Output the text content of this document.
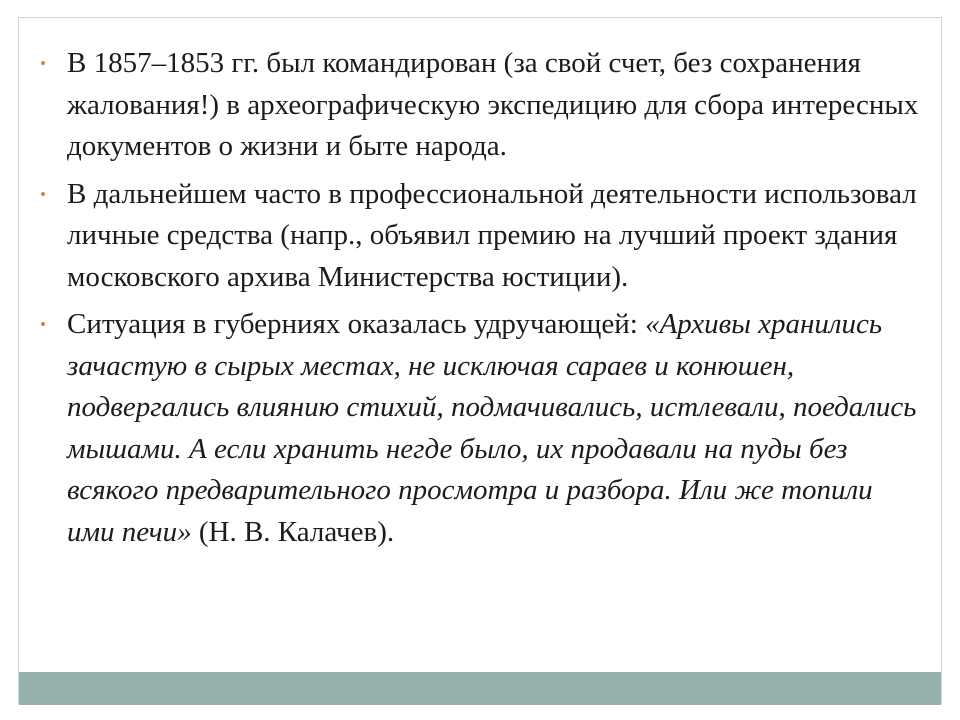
• В 1857–1853 гг. был командирован (за свой счет, без сохранения жалования!) в археографическую экспедицию для сбора интересных документов о жизни и быте народа.
• В дальнейшем часто в профессиональной деятельности использовал личные средства (напр., объявил премию на лучший проект здания московского архива Министерства юстиции).
• Ситуация в губерниях оказалась удручающей: «Архивы хранились зачастую в сырых местах, не исключая сараев и конюшен, подвергались влиянию стихий, подмачивались, истлевали, поедались мышами. А если хранить негде было, их продавали на пуды без всякого предварительного просмотра и разбора. Или же топили ими печи» (Н. В. Калачев).
